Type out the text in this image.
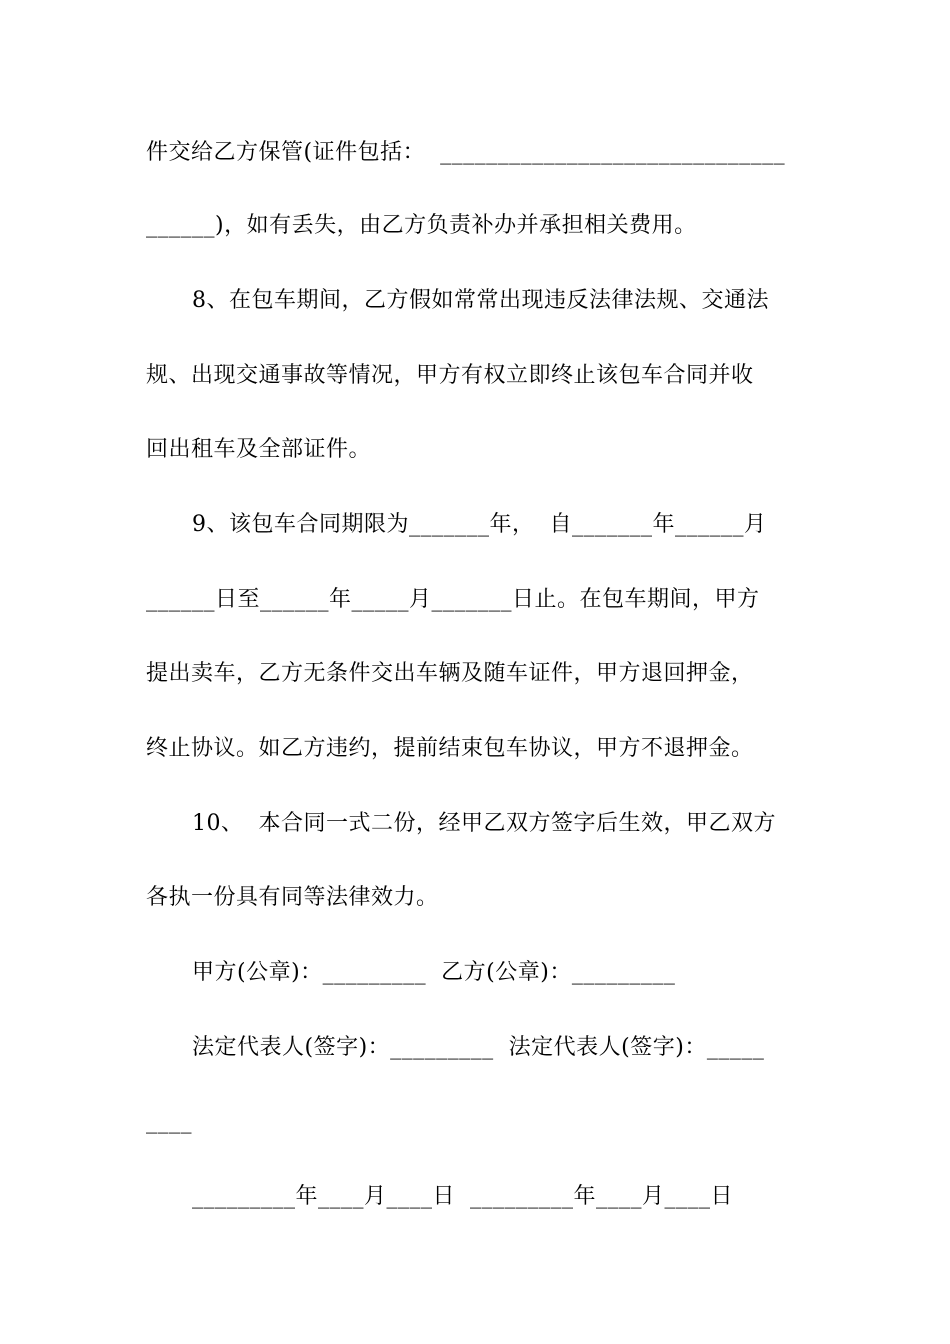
件交给乙方保管(证件包括：  ______________________________
______)，如有丢失，由乙方负责补办并承担相关费用。
8、在包车期间，乙方假如常常出现违反法律法规、交通法
规、出现交通事故等情况，甲方有权立即终止该包车合同并收
回出租车及全部证件。
9、该包车合同期限为_______年，  自_______年______月
______日至______年_____月_______日止。在包车期间，甲方
提出卖车，乙方无条件交出车辆及随车证件，甲方退回押金，
终止协议。如乙方违约，提前结束包车协议，甲方不退押金。
10、  本合同一式二份，经甲乙双方签字后生效，甲乙双方
各执一份具有同等法律效力。
甲方(公章)：_________  乙方(公章)：_________
法定代表人(签字)：_________  法定代表人(签字)：_____
____
_________年____月____日  _________年____月____日
